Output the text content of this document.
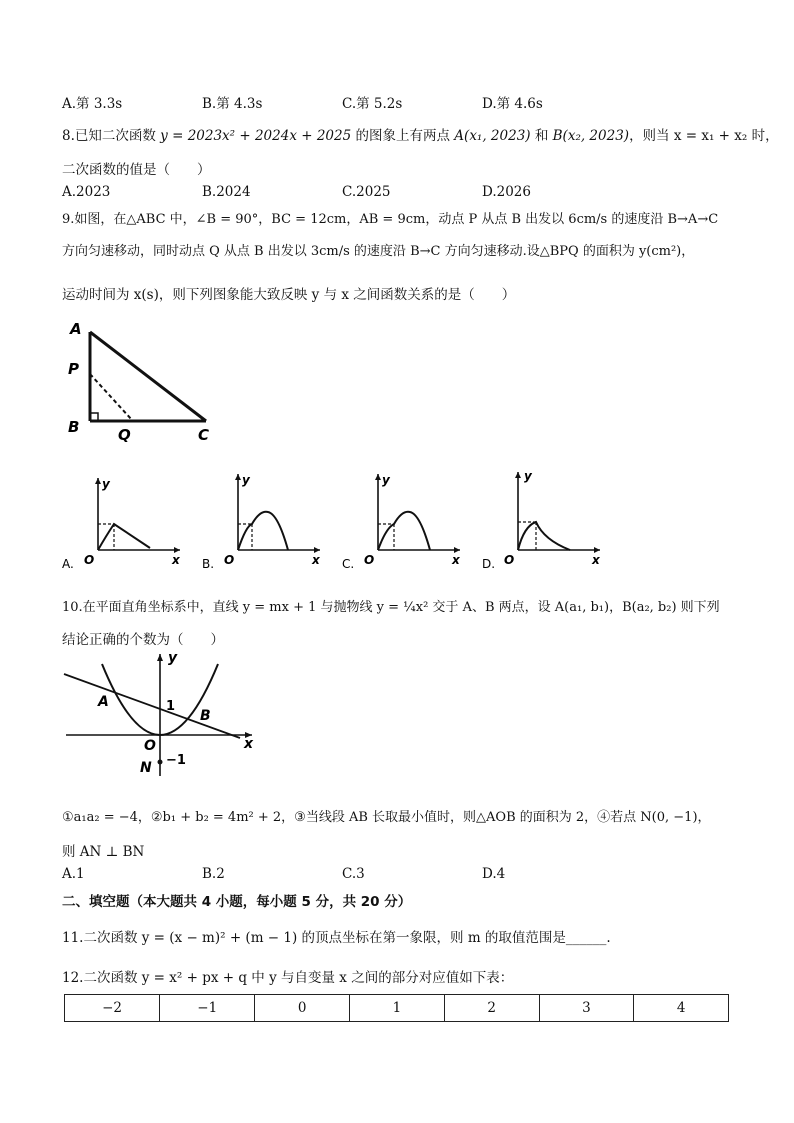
A.第 3.3s	B.第 4.3s	C.第 5.2s	D.第 4.6s
8.已知二次函数 y = 2023x² + 2024x + 2025 的图象上有两点 A(x₁, 2023) 和 B(x₂, 2023)，则当 x = x₁ + x₂ 时，
二次函数的值是（　　）
A.2023	B.2024	C.2025	D.2026
9.如图，在△ABC 中，∠B = 90°，BC = 12cm，AB = 9cm，动点 P 从点 B 出发以 6cm/s 的速度沿 B→A→C
方向匀速移动，同时动点 Q 从点 B 出发以 3cm/s 的速度沿 B→C 方向匀速移动.设△BPQ 的面积为 y(cm²)，
运动时间为 x(s)，则下列图象能大致反映 y 与 x 之间函数关系的是（　　）
A
P
B	Q	C
y
x
O
A.
y
x
O
B.
y
x
O
C.
y
x
O
D.
10.在平面直角坐标系中，直线 y = mx + 1 与抛物线 y = ¼x² 交于 A、B 两点，设 A(a₁, b₁)，B(a₂, b₂) 则下列
结论正确的个数为（　　）
y
x
A
B
1
O
N −1
①a₁a₂ = −4，②b₁ + b₂ = 4m² + 2，③当线段 AB 长取最小值时，则△AOB 的面积为 2，④若点 N(0, −1)，
则 AN ⊥ BN
A.1	B.2	C.3	D.4
二、填空题（本大题共 4 小题，每小题 5 分，共 20 分）
11.二次函数 y = (x − m)² + (m − 1) 的顶点坐标在第一象限，则 m 的取值范围是______.
12.二次函数 y = x² + px + q 中 y 与自变量 x 之间的部分对应值如下表：
−2	−1	0	1	2	3	4
